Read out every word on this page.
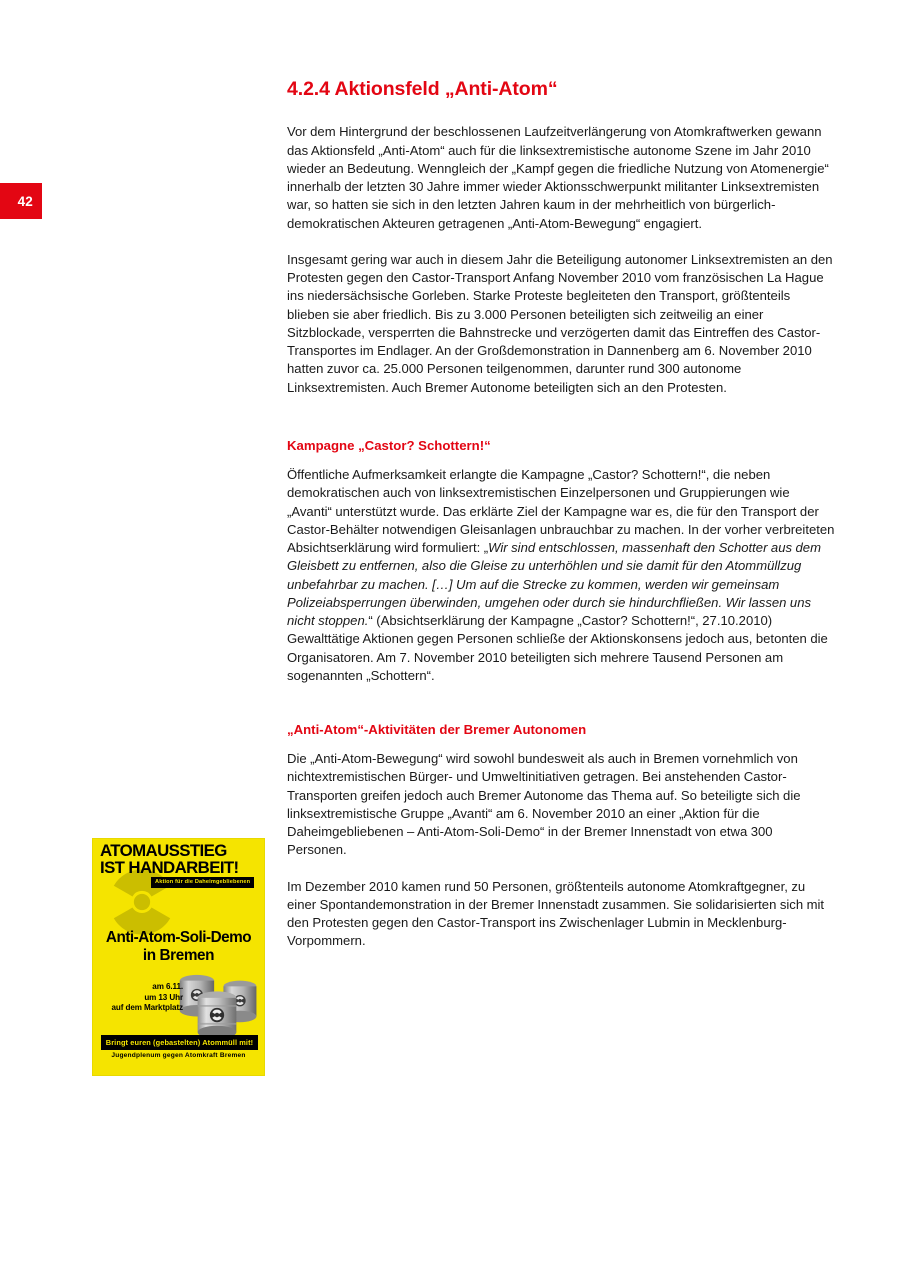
42
4.2.4 Aktionsfeld „Anti-Atom“

Vor dem Hintergrund der beschlossenen Laufzeitverlängerung von Atomkraftwerken gewann das Aktionsfeld „Anti-Atom“ auch für die linksextremistische autonome Szene im Jahr 2010 wieder an Bedeutung. Wenngleich der „Kampf gegen die friedliche Nutzung von Atomenergie“ innerhalb der letzten 30 Jahre immer wieder Aktionsschwerpunkt militanter Linksextremisten war, so hatten sie sich in den letzten Jahren kaum in der mehrheitlich von bürgerlich-demokratischen Akteuren getragenen „Anti-Atom-Bewegung“ engagiert.

Insgesamt gering war auch in diesem Jahr die Beteiligung autonomer Linksextremisten an den Protesten gegen den Castor-Transport Anfang November 2010 vom französischen La Hague ins niedersächsische Gorleben. Starke Proteste begleiteten den Transport, größtenteils blieben sie aber friedlich. Bis zu 3.000 Personen beteiligten sich zeitweilig an einer Sitzblockade, versperrten die Bahnstrecke und verzögerten damit das Eintreffen des Castor-Transportes im Endlager. An der Großdemonstration in Dannenberg am 6. November 2010 hatten zuvor ca. 25.000 Personen teilgenommen, darunter rund 300 autonome Linksextremisten. Auch Bremer Autonome beteiligten sich an den Protesten.

Kampagne „Castor? Schottern!“

Öffentliche Aufmerksamkeit erlangte die Kampagne „Castor? Schottern!“, die neben demokratischen auch von linksextremistischen Einzelpersonen und Gruppierungen wie „Avanti“ unterstützt wurde. Das erklärte Ziel der Kampagne war es, die für den Transport der Castor-Behälter notwendigen Gleisanlagen unbrauchbar zu machen. In der vorher verbreiteten Absichtserklärung wird formuliert: „Wir sind entschlossen, massenhaft den Schotter aus dem Gleisbett zu entfernen, also die Gleise zu unterhöhlen und sie damit für den Atommüllzug unbefahrbar zu machen. […] Um auf die Strecke zu kommen, werden wir gemeinsam Polizeiabsperrungen überwinden, umgehen oder durch sie hindurchfließen. Wir lassen uns nicht stoppen.“ (Absichtserklärung der Kampagne „Castor? Schottern!“, 27.10.2010) Gewalttätige Aktionen gegen Personen schließe der Aktionskonsens jedoch aus, betonten die Organisatoren. Am 7. November 2010 beteiligten sich mehrere Tausend Personen am sogenannten „Schottern“.

„Anti-Atom“-Aktivitäten der Bremer Autonomen

Die „Anti-Atom-Bewegung“ wird sowohl bundesweit als auch in Bremen vornehmlich von nichtextremistischen Bürger- und Umweltinitiativen getragen. Bei anstehenden Castor-Transporten greifen jedoch auch Bremer Autonome das Thema auf. So beteiligte sich die linksextremistische Gruppe „Avanti“ am 6. November 2010 an einer „Aktion für die Daheimgebliebenen – Anti-Atom-Soli-Demo“ in der Bremer Innenstadt von etwa 300 Personen.

Im Dezember 2010 kamen rund 50 Personen, größtenteils autonome Atomkraftgegner, zu einer Spontandemonstration in der Bremer Innenstadt zusammen. Sie solidarisierten sich mit den Protesten gegen den Castor-Transport ins Zwischenlager Lubmin in Mecklenburg-Vorpommern.

ATOMAUSSTIEG
IST HANDARBEIT!
Aktion für die Daheimgebliebenen
Anti-Atom-Soli-Demo
in Bremen
am 6.11.
um 13 Uhr
auf dem Marktplatz
Bringt euren (gebastelten) Atommüll mit!
Jugendplenum gegen Atomkraft Bremen
